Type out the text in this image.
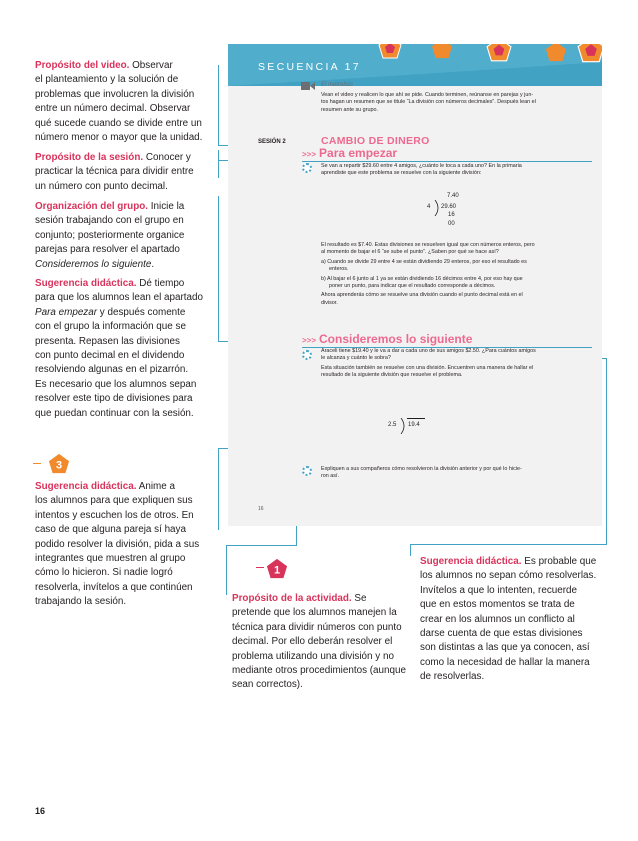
Propósito del video. Observar
el planteamiento y la solución de
problemas que involucren la división
entre un número decimal. Observar
qué sucede cuando se divide entre un
número menor o mayor que la unidad.
Propósito de la sesión. Conocer y
practicar la técnica para dividir entre
un número con punto decimal.
Organización del grupo. Inicie la
sesión trabajando con el grupo en
conjunto; posteriormente organice
parejas para resolver el apartado
Consideremos lo siguiente.
Sugerencia didáctica. Dé tiempo
para que los alumnos lean el apartado
Para empezar y después comente
con el grupo la información que se
presenta. Repasen las divisiones
con punto decimal en el dividendo
resolviendo algunas en el pizarrón.
Es necesario que los alumnos sepan
resolver este tipo de divisiones para
que puedan continuar con la sesión.
3
Sugerencia didáctica. Anime a
los alumnos para que expliquen sus
intentos y escuchen los de otros. En
caso de que alguna pareja sí haya
podido resolver la división, pida a sus
integrantes que muestren al grupo
cómo lo hicieron. Si nadie logró
resolverla, invítelos a que continúen
trabajando la sesión.
SECUENCIA 17
El metrobús
Vean el video y realicen lo que ahí se pide. Cuando terminen, reúnanse en parejas y jun-
tos hagan un resumen que se titule “La división con números decimales”. Después lean el
resumen ante su grupo.
SESIÓN 2	CAMBIO DE DINERO
>>> Para empezar
Se van a repartir $29.60 entre 4 amigos, ¿cuánto le toca a cada uno? En la primaria
aprendiste que este problema se resuelve con la siguiente división:
7.40
4 29.60
16
00
El resultado es $7.40. Estas divisiones se resuelven igual que con números enteros, pero
al momento de bajar el 6 “se sube el punto”. ¿Saben por qué se hace así?
a) Cuando se divide 29 entre 4 se están dividiendo 29 enteros, por eso el resultado es
enteros.
b) Al bajar el 6 junto al 1 ya se están dividiendo 16 décimos entre 4, por eso hay que
poner un punto, para indicar que el resultado corresponde a décimos.
Ahora aprenderás cómo se resuelve una división cuando el punto decimal está en el
divisor.
>>> Consideremos lo siguiente
Araceli tiene $19.40 y le va a dar a cada uno de sus amigos $2.50. ¿Para cuántos amigos
le alcanza y cuánto le sobra?
Esta situación también se resuelve con una división. Encuentren una manera de hallar el
resultado de la siguiente división que resuelve el problema.
2.5 19.4
Expliquen a sus compañeros cómo resolvieron la división anterior y por qué lo hicie-
ron así.
16
1
Propósito de la actividad. Se
pretende que los alumnos manejen la
técnica para dividir números con punto
decimal. Por ello deberán resolver el
problema utilizando una división y no
mediante otros procedimientos (aunque
sean correctos).
Sugerencia didáctica. Es probable que
los alumnos no sepan cómo resolverlas.
Invítelos a que lo intenten, recuerde
que en estos momentos se trata de
crear en los alumnos un conflicto al
darse cuenta de que estas divisiones
son distintas a las que ya conocen, así
como la necesidad de hallar la manera
de resolverlas.
16
